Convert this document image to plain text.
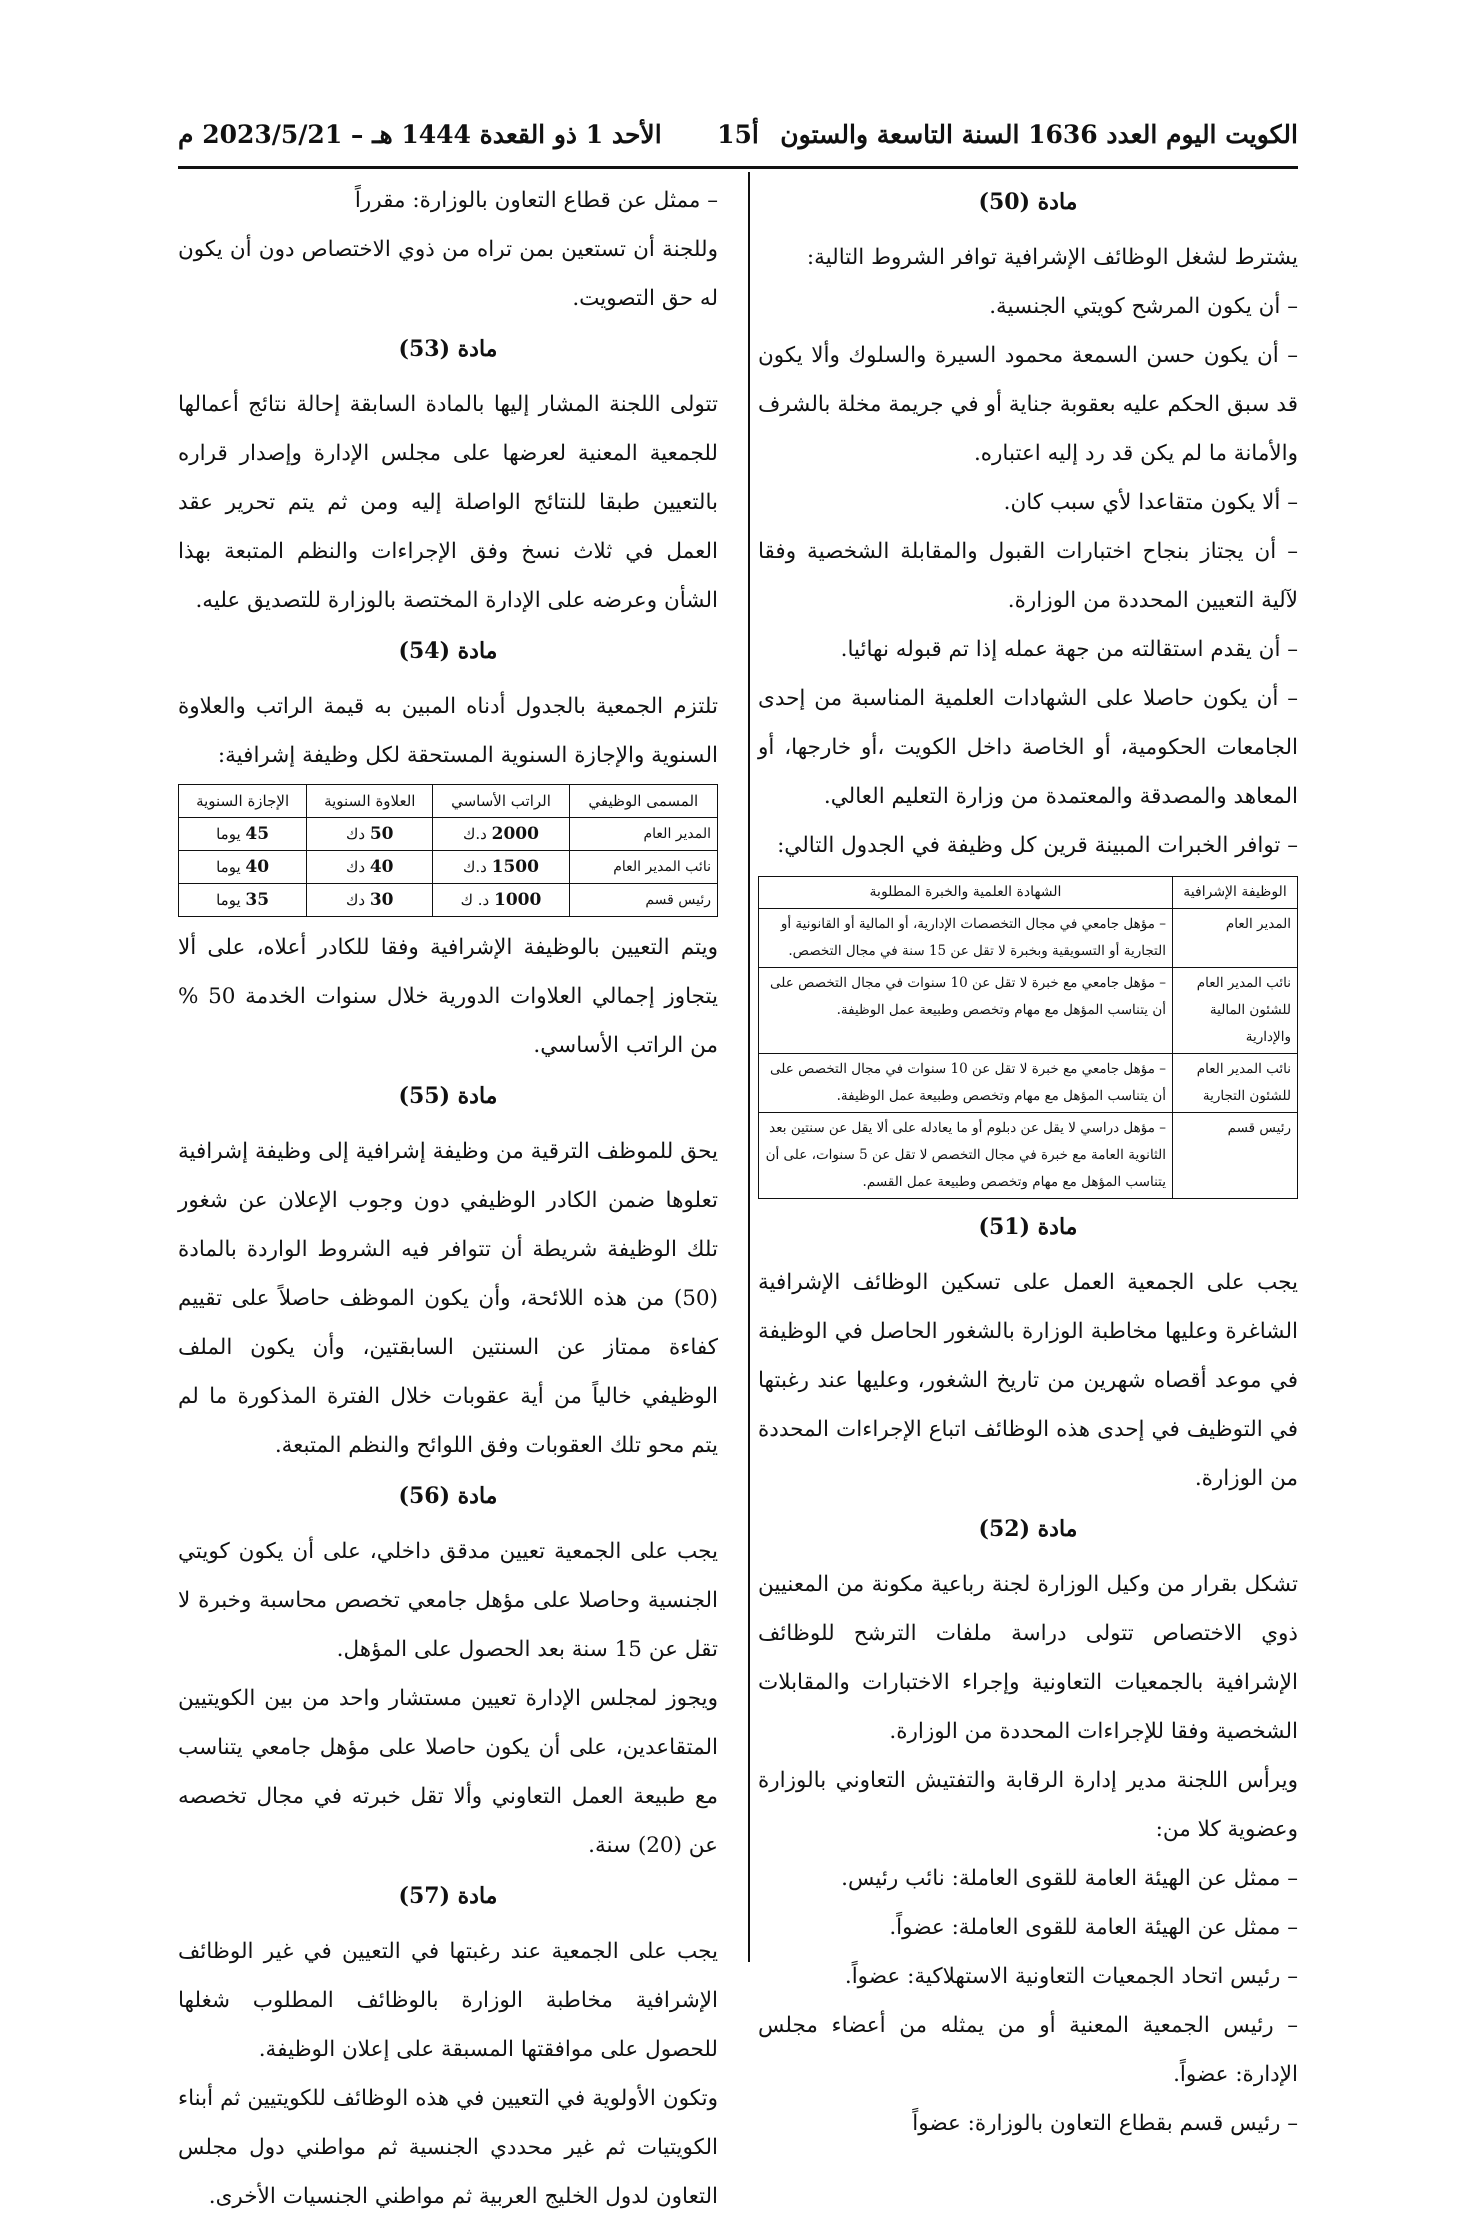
الكويت اليوم العدد 1636 السنة التاسعة والستون
أ15
الأحد 1 ذو القعدة 1444 هـ – 2023/5/21 م
مادة (50)

يشترط لشغل الوظائف الإشرافية توافر الشروط التالية:

– أن يكون المرشح كويتي الجنسية.

– أن يكون حسن السمعة محمود السيرة والسلوك وألا يكون قد سبق الحكم عليه بعقوبة جناية أو في جريمة مخلة بالشرف والأمانة ما لم يكن قد رد إليه اعتباره.

– ألا يكون متقاعدا لأي سبب كان.

– أن يجتاز بنجاح اختبارات القبول والمقابلة الشخصية وفقا لآلية التعيين المحددة من الوزارة.

– أن يقدم استقالته من جهة عمله إذا تم قبوله نهائيا.

– أن يكون حاصلا على الشهادات العلمية المناسبة من إحدى الجامعات الحكومية، أو الخاصة داخل الكويت ،أو خارجها، أو المعاهد والمصدقة والمعتمدة من وزارة التعليم العالي.

– توافر الخبرات المبينة قرين كل وظيفة في الجدول التالي:

الوظيفة الإشرافية	الشهادة العلمية والخبرة المطلوبة
المدير العام	– مؤهل جامعي في مجال التخصصات الإدارية، أو المالية أو القانونية أو التجارية أو التسويقية وبخبرة لا تقل عن 15 سنة في مجال التخصص.
نائب المدير العام للشئون المالية والإدارية	– مؤهل جامعي مع خبرة لا تقل عن 10 سنوات في مجال التخصص على أن يتناسب المؤهل مع مهام وتخصص وطبيعة عمل الوظيفة.
نائب المدير العام للشئون التجارية	– مؤهل جامعي مع خبرة لا تقل عن 10 سنوات في مجال التخصص على أن يتناسب المؤهل مع مهام وتخصص وطبيعة عمل الوظيفة.
رئيس قسم	– مؤهل دراسي لا يقل عن دبلوم أو ما يعادله على ألا يقل عن سنتين بعد الثانوية العامة مع خبرة في مجال التخصص لا تقل عن 5 سنوات، على أن يتناسب المؤهل مع مهام وتخصص وطبيعة عمل القسم.
مادة (51)

يجب على الجمعية العمل على تسكين الوظائف الإشرافية الشاغرة وعليها مخاطبة الوزارة بالشغور الحاصل في الوظيفة في موعد أقصاه شهرين من تاريخ الشغور، وعليها عند رغبتها في التوظيف في إحدى هذه الوظائف اتباع الإجراءات المحددة من الوزارة.

مادة (52)

تشكل بقرار من وكيل الوزارة لجنة رباعية مكونة من المعنيين ذوي الاختصاص تتولى دراسة ملفات الترشح للوظائف الإشرافية بالجمعيات التعاونية وإجراء الاختبارات والمقابلات الشخصية وفقا للإجراءات المحددة من الوزارة.

ويرأس اللجنة مدير إدارة الرقابة والتفتيش التعاوني بالوزارة وعضوية كلا من:

– ممثل عن الهيئة العامة للقوى العاملة: نائب رئيس.

– ممثل عن الهيئة العامة للقوى العاملة: عضواً.

– رئيس اتحاد الجمعيات التعاونية الاستهلاكية: عضواً.

– رئيس الجمعية المعنية أو من يمثله من أعضاء مجلس الإدارة: عضواً.

– رئيس قسم بقطاع التعاون بالوزارة: عضواً

– ممثل عن قطاع التعاون بالوزارة: مقرراً

وللجنة أن تستعين بمن تراه من ذوي الاختصاص دون أن يكون له حق التصويت.

مادة (53)

تتولى اللجنة المشار إليها بالمادة السابقة إحالة نتائج أعمالها للجمعية المعنية لعرضها على مجلس الإدارة وإصدار قراره بالتعيين طبقا للنتائج الواصلة إليه ومن ثم يتم تحرير عقد العمل في ثلاث نسخ وفق الإجراءات والنظم المتبعة بهذا الشأن وعرضه على الإدارة المختصة بالوزارة للتصديق عليه.

مادة (54)

تلتزم الجمعية بالجدول أدناه المبين به قيمة الراتب والعلاوة السنوية والإجازة السنوية المستحقة لكل وظيفة إشرافية:

المسمى الوظيفي	الراتب الأساسي	العلاوة السنوية	الإجازة السنوية
المدير العام	2000 د.ك	50 دك	45 يوما
نائب المدير العام	1500 د.ك	40 دك	40 يوما
رئيس قسم	1000 د. ك	30 دك	35 يوما

ويتم التعيين بالوظيفة الإشرافية وفقا للكادر أعلاه، على ألا يتجاوز إجمالي العلاوات الدورية خلال سنوات الخدمة 50 % من الراتب الأساسي.

مادة (55)

يحق للموظف الترقية من وظيفة إشرافية إلى وظيفة إشرافية تعلوها ضمن الكادر الوظيفي دون وجوب الإعلان عن شغور تلك الوظيفة شريطة أن تتوافر فيه الشروط الواردة بالمادة (50) من هذه اللائحة، وأن يكون الموظف حاصلاً على تقييم كفاءة ممتاز عن السنتين السابقتين، وأن يكون الملف الوظيفي خالياً من أية عقوبات خلال الفترة المذكورة ما لم يتم محو تلك العقوبات وفق اللوائح والنظم المتبعة.

مادة (56)

يجب على الجمعية تعيين مدقق داخلي، على أن يكون كويتي الجنسية وحاصلا على مؤهل جامعي تخصص محاسبة وخبرة لا تقل عن 15 سنة بعد الحصول على المؤهل.

ويجوز لمجلس الإدارة تعيين مستشار واحد من بين الكويتيين المتقاعدين، على أن يكون حاصلا على مؤهل جامعي يتناسب مع طبيعة العمل التعاوني وألا تقل خبرته في مجال تخصصه عن (20) سنة.

مادة (57)

يجب على الجمعية عند رغبتها في التعيين في غير الوظائف الإشرافية مخاطبة الوزارة بالوظائف المطلوب شغلها للحصول على موافقتها المسبقة على إعلان الوظيفة.

وتكون الأولوية في التعيين في هذه الوظائف للكويتيين ثم أبناء الكويتيات ثم غير محددي الجنسية ثم مواطني دول مجلس التعاون لدول الخليج العربية ثم مواطني الجنسيات الأخرى.
